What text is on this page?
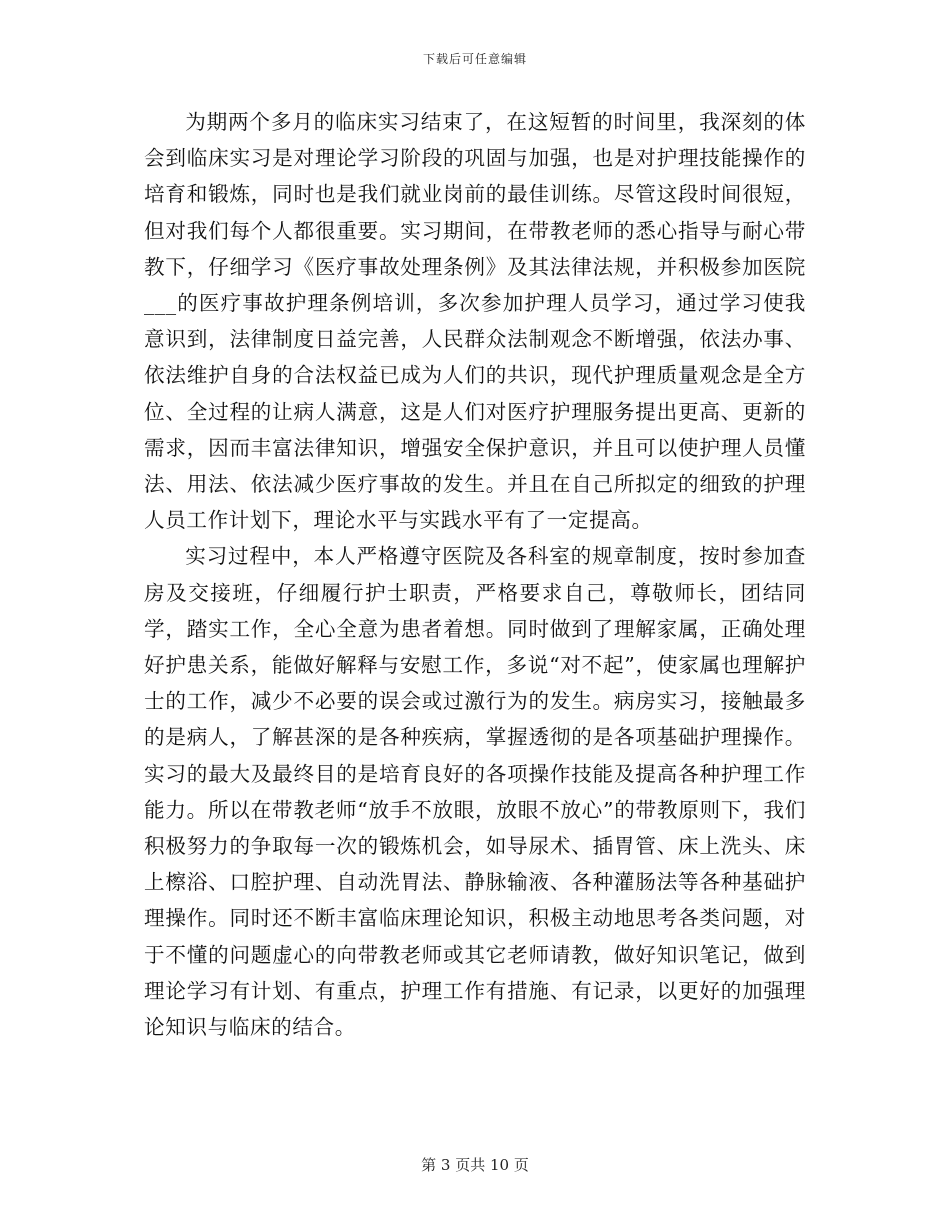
下载后可任意编辑

为期两个多月的临床实习结束了，在这短暂的时间里，我深刻的体会到临床实习是对理论学习阶段的巩固与加强，也是对护理技能操作的培育和锻炼，同时也是我们就业岗前的最佳训练。尽管这段时间很短，但对我们每个人都很重要。实习期间，在带教老师的悉心指导与耐心带教下，仔细学习《医疗事故处理条例》及其法律法规，并积极参加医院___的医疗事故护理条例培训，多次参加护理人员学习，通过学习使我意识到，法律制度日益完善，人民群众法制观念不断增强，依法办事、依法维护自身的合法权益已成为人们的共识，现代护理质量观念是全方位、全过程的让病人满意，这是人们对医疗护理服务提出更高、更新的需求，因而丰富法律知识，增强安全保护意识，并且可以使护理人员懂法、用法、依法减少医疗事故的发生。并且在自己所拟定的细致的护理人员工作计划下，理论水平与实践水平有了一定提高。

实习过程中，本人严格遵守医院及各科室的规章制度，按时参加查房及交接班，仔细履行护士职责，严格要求自己，尊敬师长，团结同学，踏实工作，全心全意为患者着想。同时做到了理解家属，正确处理好护患关系，能做好解释与安慰工作，多说“对不起”，使家属也理解护士的工作，减少不必要的误会或过激行为的发生。病房实习，接触最多的是病人，了解甚深的是各种疾病，掌握透彻的是各项基础护理操作。实习的最大及最终目的是培育良好的各项操作技能及提高各种护理工作能力。所以在带教老师“放手不放眼，放眼不放心”的带教原则下，我们积极努力的争取每一次的锻炼机会，如导尿术、插胃管、床上洗头、床上檫浴、口腔护理、自动洗胃法、静脉输液、各种灌肠法等各种基础护理操作。同时还不断丰富临床理论知识，积极主动地思考各类问题，对于不懂的问题虚心的向带教老师或其它老师请教，做好知识笔记，做到理论学习有计划、有重点，护理工作有措施、有记录，以更好的加强理论知识与临床的结合。

第 3 页共 10 页
